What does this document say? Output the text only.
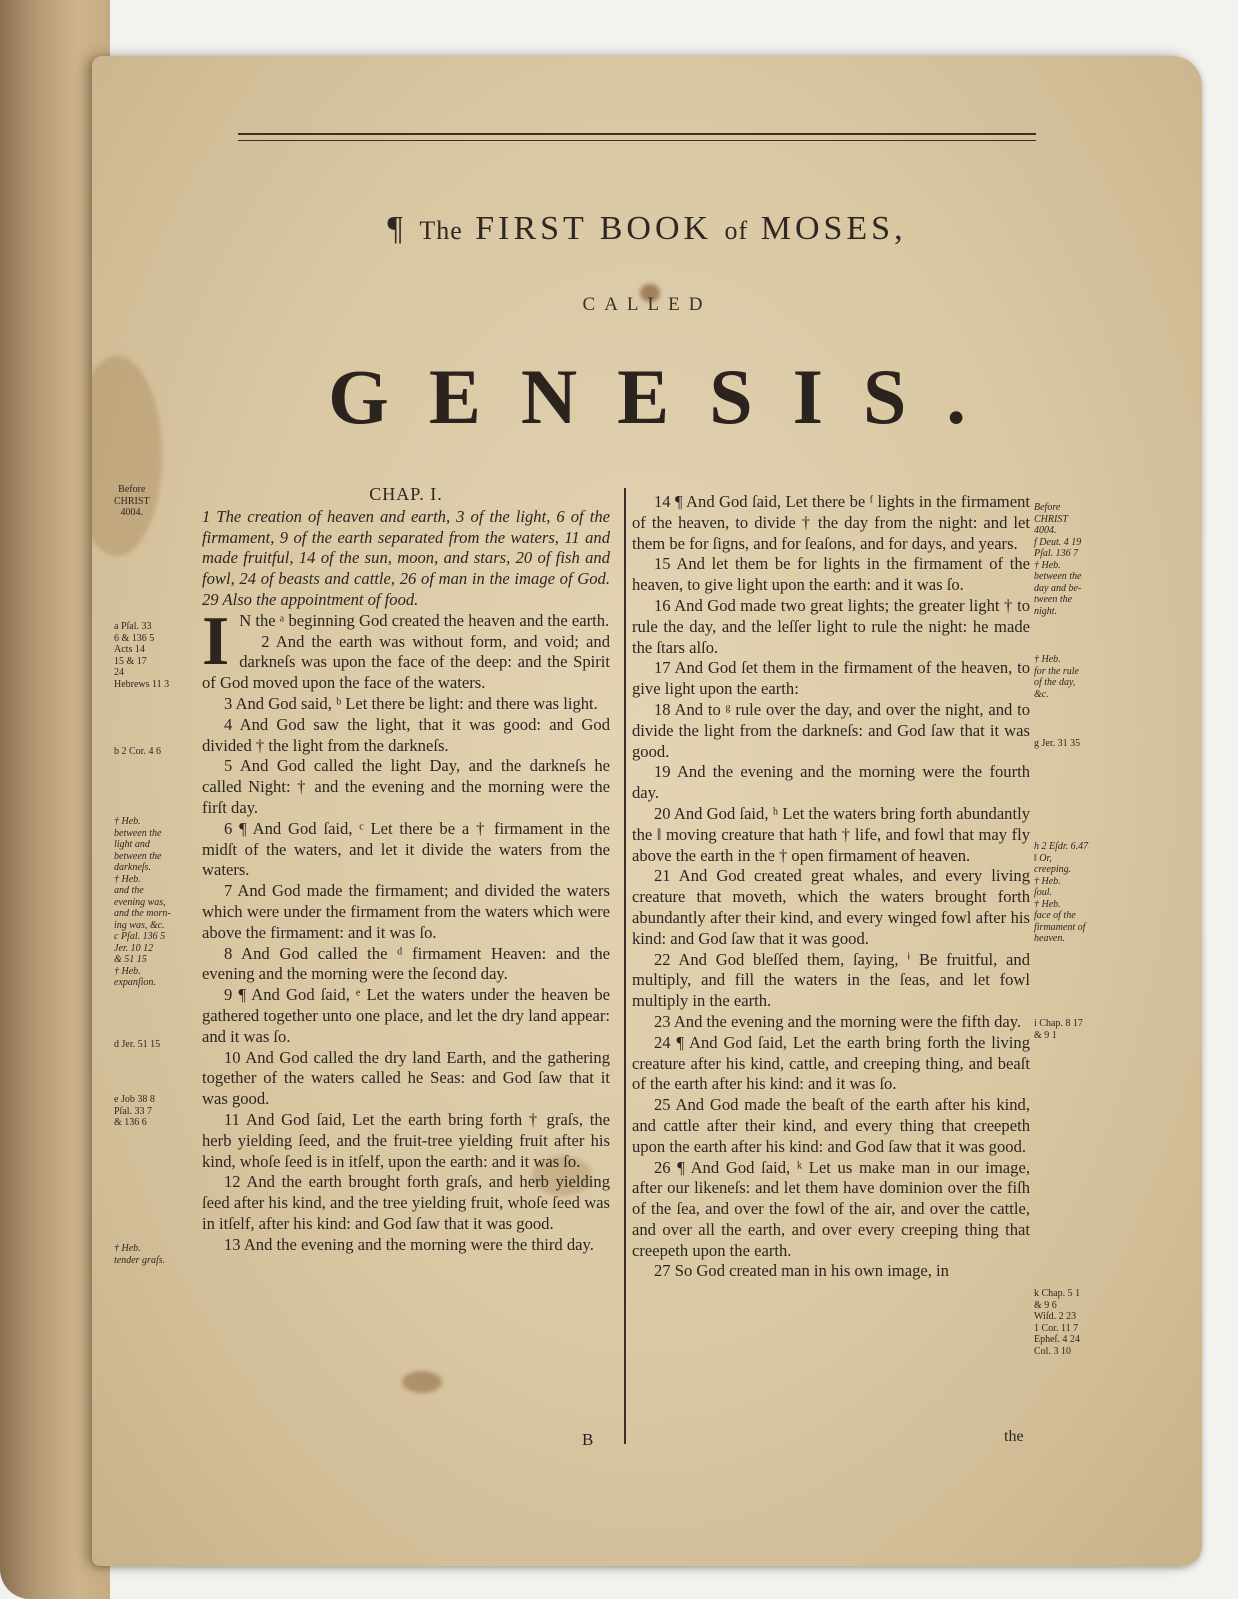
¶ The FIRST BOOK of MOSES,
CALLED
GENESIS.
CHAP. I.

1 The creation of heaven and earth, 3 of the light, 6 of the firmament, 9 of the earth separated from the waters, 11 and made fruitful, 14 of the sun, moon, and stars, 20 of fish and fowl, 24 of beasts and cattle, 26 of man in the image of God. 29 Also the appointment of food.

I N the ᵃ beginning God created the heaven and the earth.

2 And the earth was without form, and void; and darkneſs was upon the face of the deep: and the Spirit of God moved upon the face of the waters.

3 And God said, ᵇ Let there be light: and there was light.

4 And God saw the light, that it was good: and God divided † the light from the darkneſs.

5 And God called the light Day, and the darkneſs he called Night: † and the evening and the morning were the firſt day.

6 ¶ And God ſaid, ᶜ Let there be a † firmament in the midſt of the waters, and let it divide the waters from the waters.

7 And God made the firmament; and divided the waters which were under the firmament from the waters which were above the firmament: and it was ſo.

8 And God called the ᵈ firmament Heaven: and the evening and the morning were the ſecond day.

9 ¶ And God ſaid, ᵉ Let the waters under the heaven be gathered together unto one place, and let the dry land appear: and it was ſo.

10 And God called the dry land Earth, and the gathering together of the waters called he Seas: and God ſaw that it was good.

11 And God ſaid, Let the earth bring forth † graſs, the herb yielding ſeed, and the fruit-tree yielding fruit after his kind, whoſe ſeed is in itſelf, upon the earth: and it was ſo.

12 And the earth brought forth graſs, and herb yielding ſeed after his kind, and the tree yielding fruit, whoſe ſeed was in itſelf, after his kind: and God ſaw that it was good.

13 And the evening and the morning were the third day.

B

14 ¶ And God ſaid, Let there be ᶠ lights in the firmament of the heaven, to divide † the day from the night: and let them be for ſigns, and for ſeaſons, and for days, and years.

15 And let them be for lights in the firmament of the heaven, to give light upon the earth: and it was ſo.

16 And God made two great lights; the greater light † to rule the day, and the leſſer light to rule the night: he made the ſtars alſo.

17 And God ſet them in the firmament of the heaven, to give light upon the earth:

18 And to ᵍ rule over the day, and over the night, and to divide the light from the darkneſs: and God ſaw that it was good.

19 And the evening and the morning were the fourth day.

20 And God ſaid, ʰ Let the waters bring forth abundantly the ‖ moving creature that hath † life, and fowl that may fly above the earth in the † open firmament of heaven.

21 And God created great whales, and every living creature that moveth, which the waters brought forth abundantly after their kind, and every winged fowl after his kind: and God ſaw that it was good.

22 And God bleſſed them, ſaying, ⁱ Be fruitful, and multiply, and fill the waters in the ſeas, and let fowl multiply in the earth.

23 And the evening and the morning were the fifth day.

24 ¶ And God ſaid, Let the earth bring forth the living creature after his kind, cattle, and creeping thing, and beaſt of the earth after his kind: and it was ſo.

25 And God made the beaſt of the earth after his kind, and cattle after their kind, and every thing that creepeth upon the earth after his kind: and God ſaw that it was good.

26 ¶ And God ſaid, ᵏ Let us make man in our image, after our likeneſs: and let them have dominion over the fiſh of the ſea, and over the fowl of the air, and over the cattle, and over all the earth, and over every creeping thing that creepeth upon the earth.

27 So God created man in his own image, in

the
Before
CHRIST
4004.
a Pſal. 33
6 & 136 5
Acts 14
15 & 17
24
Hebrews 11 3
b 2 Cor. 4 6
† Heb.
between the
light and
between the
darkneſs.
† Heb.
and the
evening was,
and the morn-
ing was, &c.
c Pſal. 136 5
Jer. 10 12
& 51 15
† Heb.
expanſion.
d Jer. 51 15
e Job 38 8
Pſal. 33 7
& 136 6
† Heb.
tender graſs.
Before
CHRIST
4004.
f Deut. 4 19
Pſal. 136 7
† Heb.
between the
day and be-
tween the
night.
† Heb.
for the rule
of the day,
&c.
g Jer. 31 35
h 2 Eſdr. 6.47
‖ Or,
creeping.
† Heb.
ſoul.
† Heb.
face of the
firmament of
heaven.
i Chap. 8 17
& 9 1
k Chap. 5 1
& 9 6
Wiſd. 2 23
1 Cor. 11 7
Epheſ. 4 24
Col. 3 10
